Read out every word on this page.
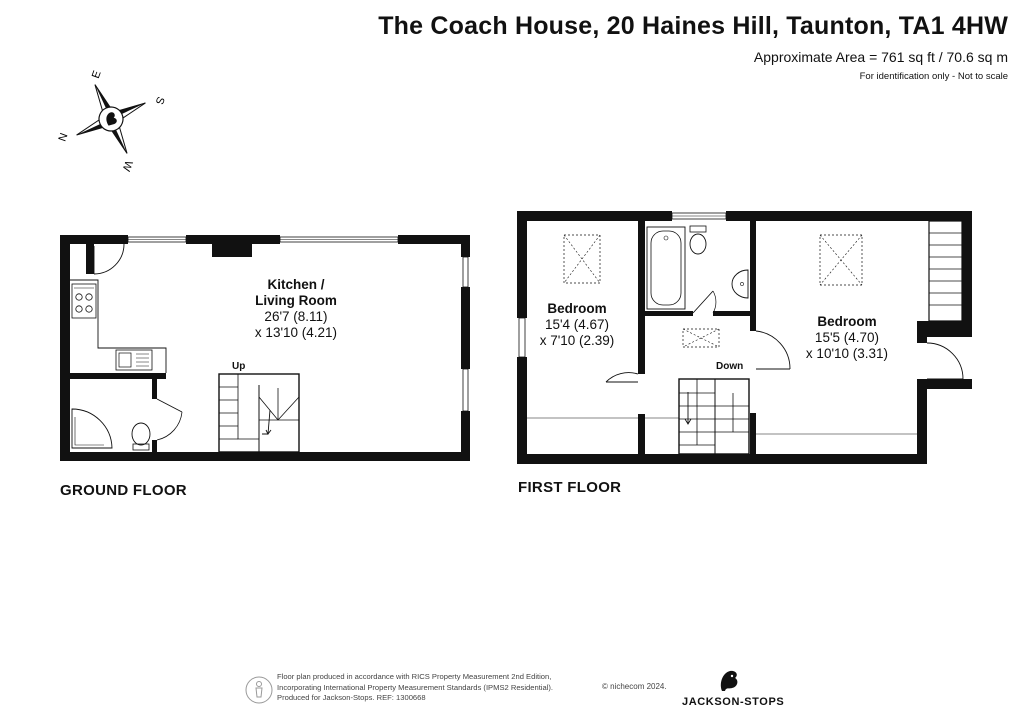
The Coach House, 20 Haines Hill, Taunton, TA1 4HW
Approximate Area = 761 sq ft / 70.6 sq m
For identification only - Not to scale
N
E
S
W
GROUND FLOOR	FIRST FLOOR
Kitchen /
Living Room
26'7 (8.11)
x 13'10 (4.21)
Up
Bedroom
15'4 (4.67)
x 7'10 (2.39)
Bedroom
15'5 (4.70)
x 10'10 (3.31)
Down
Floor plan produced in accordance with RICS Property Measurement 2nd Edition,
Incorporating International Property Measurement Standards (IPMS2 Residential).
Produced for Jackson-Stops. REF: 1300668
© nichecom 2024.
JACKSON-STOPS
